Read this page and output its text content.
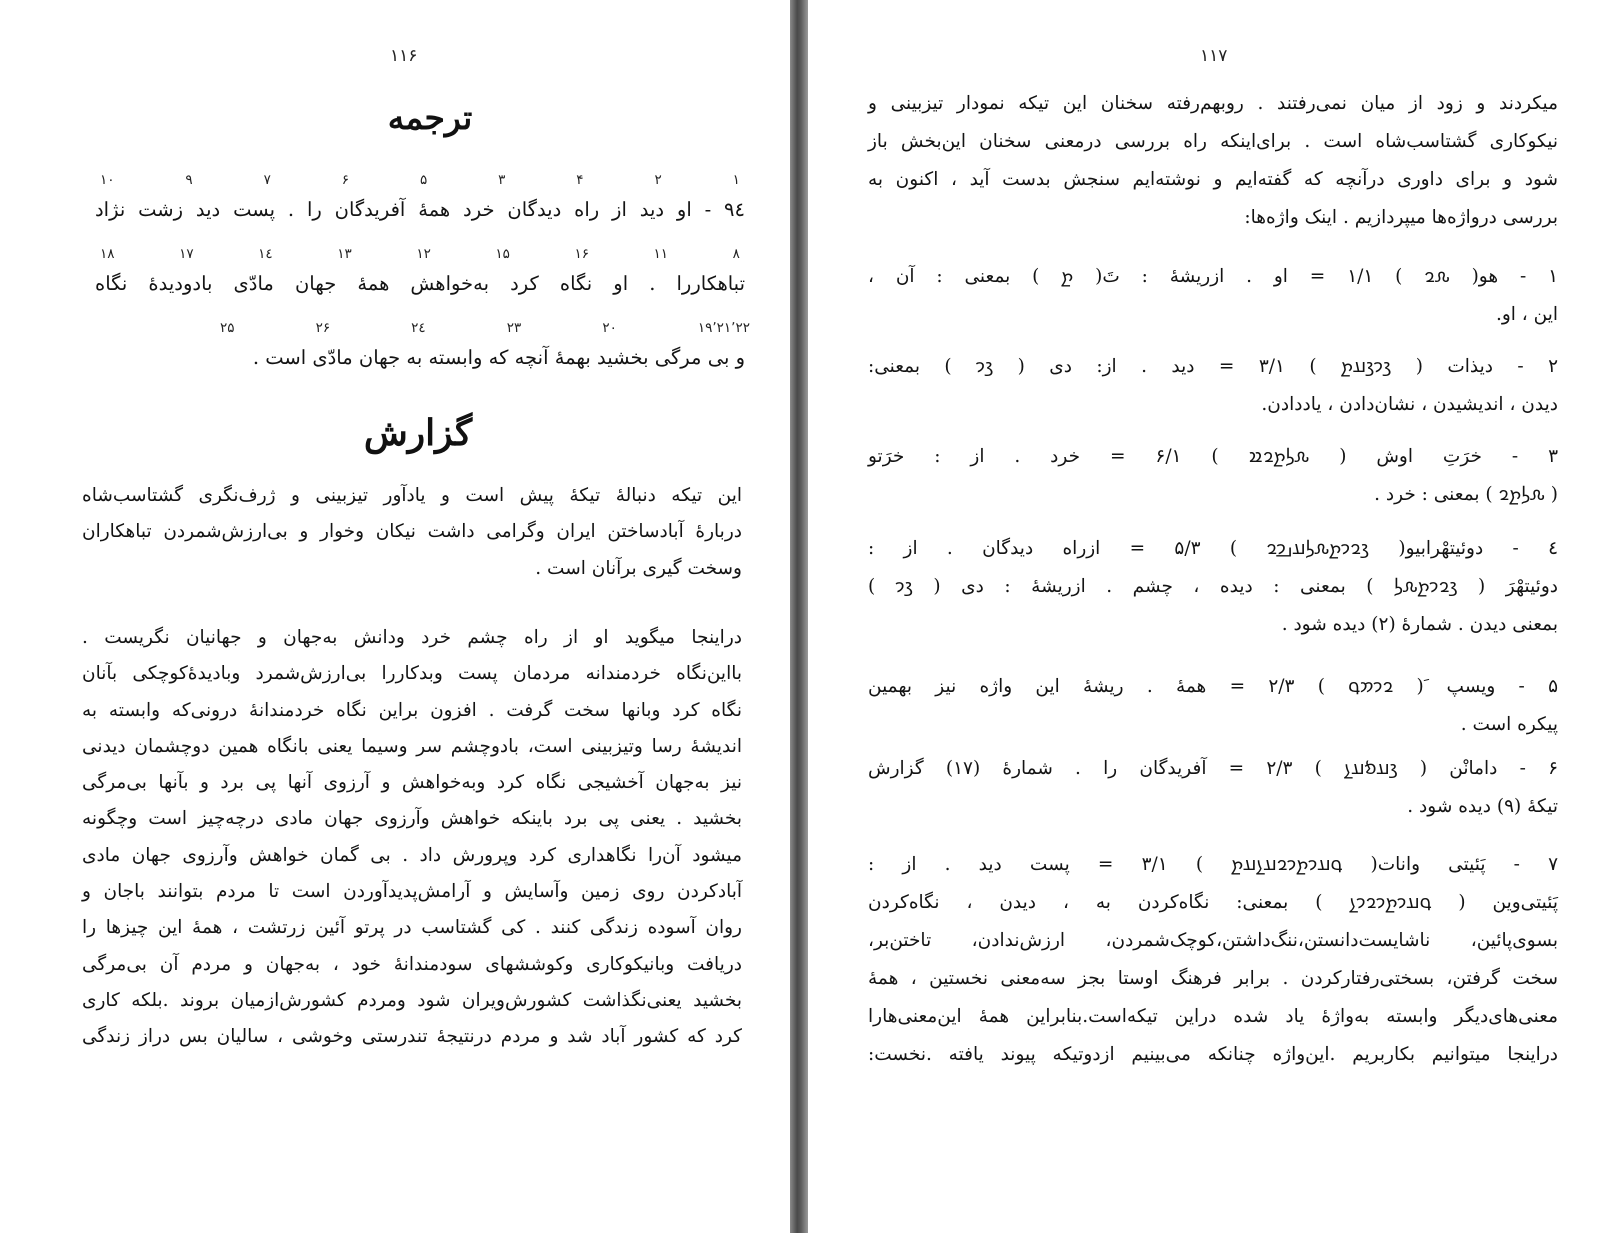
۱۱۶
ترجمه
۱۰	۹	۷	۶	۵	۳	۴	۲	۱
۹٤ - او دید از راه دیدگان خرد همهٔ آفریدگان را . پست دید زشت نژاد
۱۸	۱۷	۱٤	۱۳	۱۲	۱۵	۱۶	۱۱	۸
تباهکاررا . او نگاه کرد به‌خواهش همهٔ جهان مادّی بادودیدهٔ نگاه
۲۵	۲۶	۲٤	۲۳	۲۰	۱۹٬۲۱٬۲۲
و بی مرگی بخشید بهمهٔ آنچه که وابسته به جهان مادّی است .
گزارش

این تیکه دنبالهٔ تیکهٔ پیش است و یادآور تیزبینی و ژرف‌نگری گشتاسب‌شاه
دربارهٔ آبادساختن ایران وگرامی داشت نیکان وخوار و بی‌ارزش‌شمردن تباهکاران
وسخت گیری برآنان است .

دراینجا میگوید او از راه چشم خرد ودانش به‌جهان و جهانیان نگریست .
بااین‌نگاه خردمندانه مردمان پست وبدکاررا بی‌ارزش‌شمرد وبادیدهٔ‌کوچکی بآنان
نگاه کرد وبانها سخت گرفت . افزون براین نگاه خردمندانهٔ درونی‌که وابسته به
اندیشهٔ رسا وتیزبینی است، بادوچشم سر وسیما یعنی بانگاه همین دوچشمان دیدنی
نیز به‌جهان آخشیجی نگاه کرد وبه‌خواهش و آرزوی آنها پی برد و بآنها بی‌مرگی
بخشید . یعنی پی برد باینکه خواهش وآرزوی جهان مادی درچه‌چیز است وچگونه
میشود آن‌را نگاهداری کرد وپرورش داد . بی گمان خواهش وآرزوی جهان مادی
آبادکردن روی زمین وآسایش و آرامش‌پدیدآوردن است تا مردم بتوانند باجان و
روان آسوده زندگی کنند . کی گشتاسب در پرتو آئین زرتشت ، همهٔ این چیزها را
دریافت وبانیکوکاری وکوششهای سودمندانهٔ خود ، به‌جهان و مردم آن بی‌مرگی
بخشید یعنی‌نگذاشت کشورش‌ویران شود ومردم کشورش‌ازمیان بروند .بلکه کاری
کرد که کشور آباد شد و مردم درنتیجهٔ تندرستی وخوشی ، سالیان بس دراز زندگی

۱۱۷

میکردند و زود از میان نمی‌رفتند . روبهم‌رفته سخنان این تیکه نمودار تیزبینی و
نیکوکاری گشتاسب‌شاه است . برای‌اینکه راه بررسی درمعنی سخنان این‌بخش باز
شود و برای داوری درآنچه که گفته‌ایم و نوشته‌ایم سنجش بدست آید ، اکنون به
بررسی درواژه‌ها میپردازیم . اینک واژه‌ها:

۱ - هو( ‎𐭧𐭥‎ ) ۱/۱ = او . ازریشهٔ : تَ( ‎𐭲‎ ) بمعنی : آن ،
این ، او.

۲ - دیذات ( ‎𐭣𐭩𐭣𐭠𐭲‎ ) ۳/۱ = دید . از: دی ( ‎𐭣𐭩‎ ) بمعنی:
دیدن ، اندیشیدن ، نشان‌دادن ، یاددادن.

۳ - خرَتِ اوش ( ‎𐭧𐭫𐭲𐭥𐭱‎ ) ۶/۱ = خرد . از : خرَتو
( ‎𐭧𐭫𐭲𐭥‎ ) بمعنی : خرد .

٤ - دوئیتهْرابیو( ‎𐭣𐭥𐭩𐭲𐭧𐭫𐭠𐭡𐭩𐭥‎ ) ۵/۳ = ازراه دیدگان . از :
دوئیتهْرَ ( ‎𐭣𐭥𐭩𐭲𐭧𐭫‎ ) بمعنی : دیده ، چشم . ازریشهٔ : دی ( ‎𐭣𐭩‎ )
بمعنی دیدن . شمارهٔ (۲) دیده شود .

۵ - ویسپ َ( ‎𐭥𐭩𐭮𐭯‎ ) ۲/۳ = همهٔ . ریشهٔ این واژه نیز بهمین
پیکره است .

۶ - دامانْن ( ‎𐭣𐭠𐭬𐭠𐭭‎ ) ۲/۳ = آفریدگان را . شمارهٔ (۱۷) گزارش
تیکهٔ (۹) دیده شود .

۷ - پَئیتی وانات( ‎𐭯𐭠𐭩𐭲𐭩𐭥𐭠𐭭𐭠𐭲‎ ) ۳/۱ = پست دید . از :
پَئیتی‌وین ( ‎𐭯𐭠𐭩𐭲𐭩𐭥𐭩𐭭‎ ) بمعنی: نگاه‌کردن به ، دیدن ، نگاه‌کردن
بسوی‌پائین، ناشایست‌دانستن،ننگ‌داشتن،کوچک‌شمردن، ارزش‌ندادن، تاختن‌بر،
سخت گرفتن، بسختی‌رفتارکردن . برابر فرهنگ اوستا بجز سه‌معنی نخستین ، همهٔ
معنی‌های‌دیگر وابسته به‌واژهٔ یاد شده دراین تیکه‌است.بنابراین همهٔ این‌معنی‌هارا
دراینجا میتوانیم بکاربریم .این‌واژه چنانکه می‌بینیم ازدوتیکه پیوند یافته .نخست:
